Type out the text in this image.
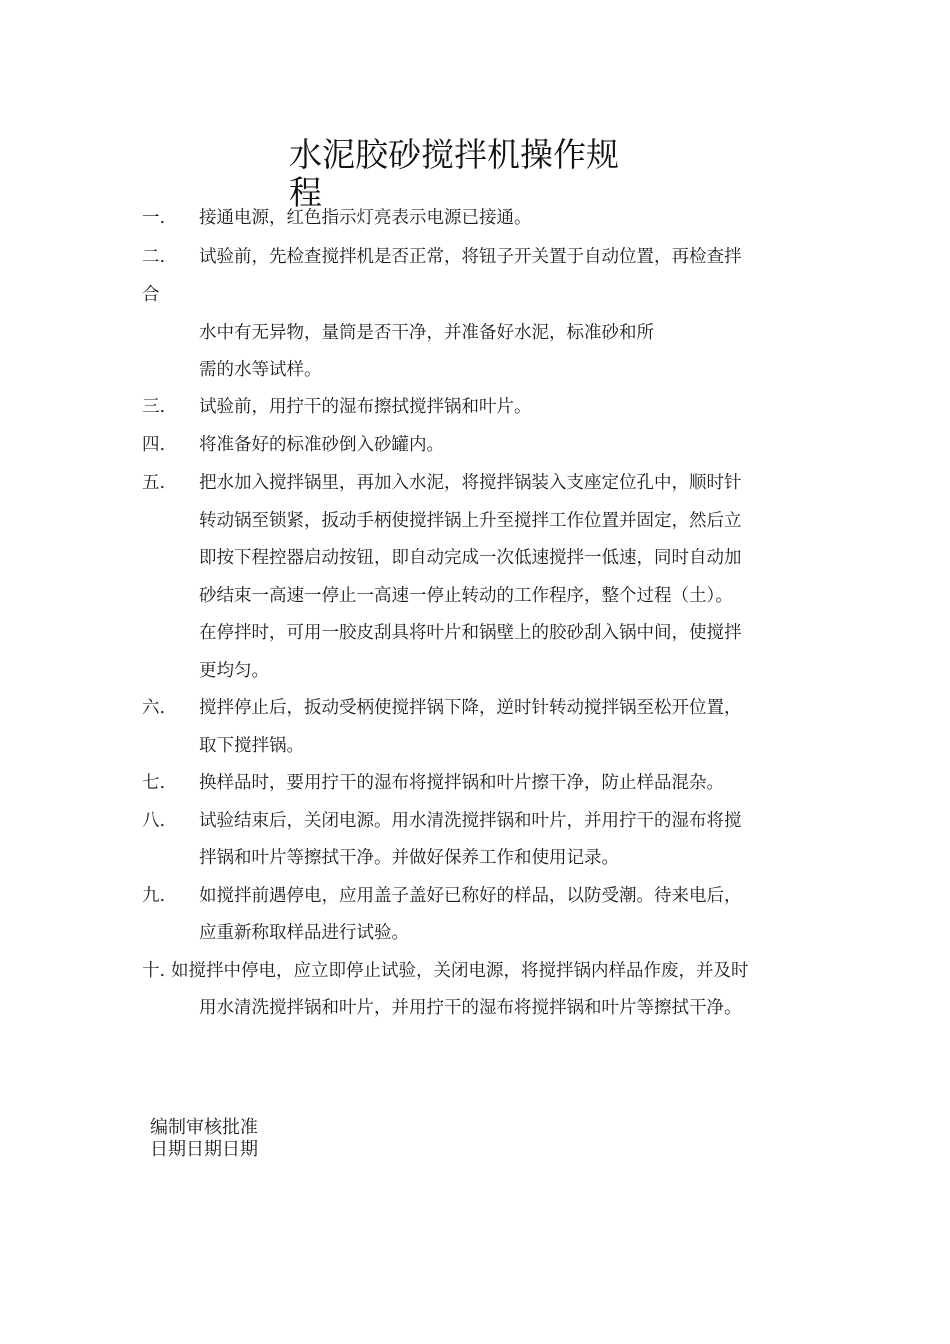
水泥胶砂搅拌机操作规程
一. 接通电源，红色指示灯亮表示电源已接通。
二. 试验前，先检查搅拌机是否正常，将钮子开关置于自动位置，再检查拌
合
水中有无异物，量筒是否干净，并准备好水泥，标准砂和所
需的水等试样。
三. 试验前，用拧干的湿布擦拭搅拌锅和叶片。
四. 将准备好的标准砂倒入砂罐内。
五. 把水加入搅拌锅里，再加入水泥，将搅拌锅装入支座定位孔中，顺时针
转动锅至锁紧，扳动手柄使搅拌锅上升至搅拌工作位置并固定，然后立
即按下程控器启动按钮，即自动完成一次低速搅拌一低速，同时自动加
砂结束一高速一停止一高速一停止转动的工作程序，整个过程（土）。
在停拌时，可用一胶皮刮具将叶片和锅壁上的胶砂刮入锅中间，使搅拌
更均匀。
六. 搅拌停止后，扳动受柄使搅拌锅下降，逆时针转动搅拌锅至松开位置，
取下搅拌锅。
七. 换样品时，要用拧干的湿布将搅拌锅和叶片擦干净，防止样品混杂。
八. 试验结束后，关闭电源。用水清洗搅拌锅和叶片，并用拧干的湿布将搅
拌锅和叶片等擦拭干净。并做好保养工作和使用记录。
九. 如搅拌前遇停电，应用盖子盖好已称好的样品，以防受潮。待来电后，
应重新称取样品进行试验。
十. 如搅拌中停电，应立即停止试验，关闭电源，将搅拌锅内样品作废，并及时
用水清洗搅拌锅和叶片，并用拧干的湿布将搅拌锅和叶片等擦拭干净。
编制审核批准
日期日期日期
